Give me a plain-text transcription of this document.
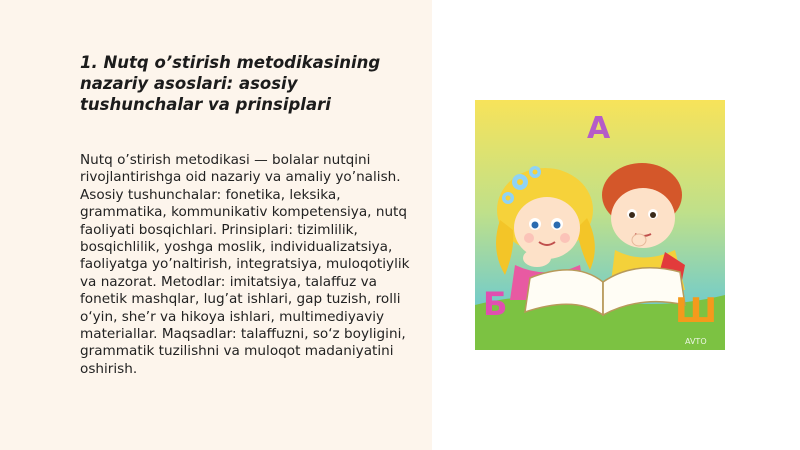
1. Nutq o’stirish metodikasining nazariy asoslari: asosiy tushunchalar va prinsiplari

Nutq o’stirish metodikasi — bolalar nutqini rivojlantirishga oid nazariy va amaliy yo’nalish. Asosiy tushunchalar: fonetika, leksika, grammatika, kommunikativ kompetensiya, nutq faoliyati bosqichlari. Prinsiplari: tizimlilik, bosqichlilik, yoshga moslik, individualizatsiya, faoliyatga yo’naltirish, integratsiya, muloqotiylik va nazorat. Metodlar: imitatsiya, talaffuz va fonetik mashqlar, lug’at ishlari, gap tuzish, rolli o‘yin, she’r va hikoya ishlari, multimediyaviy materiallar. Maqsadlar: talaffuzni, so‘z boyligini, grammatik tuzilishni va muloqot madaniyatini oshirish.

A
Б	Ш
AVTO
